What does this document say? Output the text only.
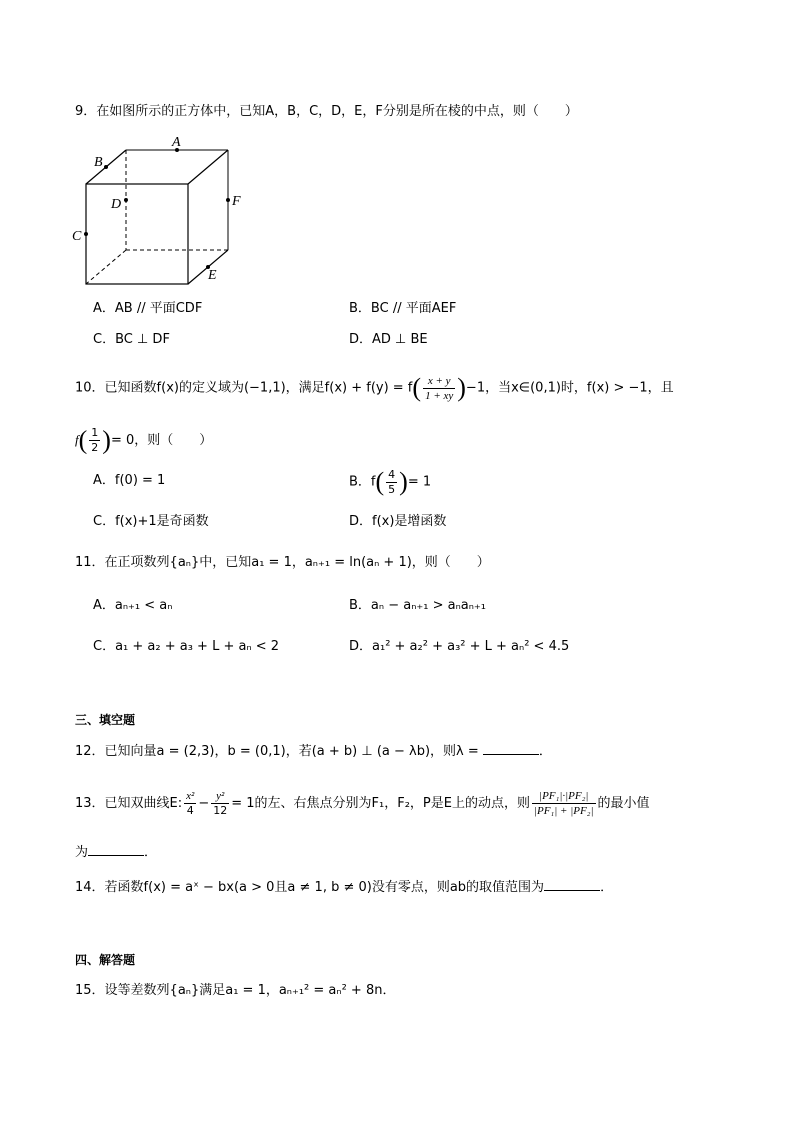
9．在如图所示的正方体中，已知A，B，C，D，E，F分别是所在棱的中点，则（　　）
A
B
C
D
E
F
A．AB // 平面CDF	B．BC // 平面AEF
C．BC ⊥ DF	D．AD ⊥ BE
10．已知函数f(x)的定义域为(−1,1)，满足$f(x) + f(y) = f( \frac{x + y}{1 + xy} )-1$，当x∈(0,1)时，f(x) > −1，且
$f( \frac{1}{2}$ )= 0，则（　　）
A．f(0) = 1	B．$f( \frac{4}{5}$ )= 1
C．f(x)+1是奇函数	D．f(x)是增函数
11．在正项数列{aₙ}中，已知a₁ = 1，aₙ₊₁ = ln(aₙ + 1)，则（　　）
A．aₙ₊₁ < aₙ	B．aₙ − aₙ₊₁ > aₙaₙ₊₁
C．a₁ + a₂ + a₃ + L + aₙ < 2	D．a₁² + a₂² + a₃² + L + aₙ² < 4.5
三、填空题
12．已知向量a = (2,3)，b = (0,1)，若(a + b) ⊥ (a − λb)，则λ =	．
13．已知双曲线E: $\frac{\text{x²}}{4} - \frac{\text{y²}}{12} = 1$的左、右焦点分别为F₁，F₂，P是E上的动点，则 $\frac{\text{|PF₁|·|PF₂|}}{\text{|PF₁| + |PF₂|}}$ 的最小值
为	．
14．若函数f(x) = aˣ − bx(a > 0且a ≠ 1, b ≠ 0)没有零点，则ab的取值范围为	．
四、解答题
15．设等差数列{aₙ}满足a₁ = 1，aₙ₊₁² = aₙ² + 8n．
